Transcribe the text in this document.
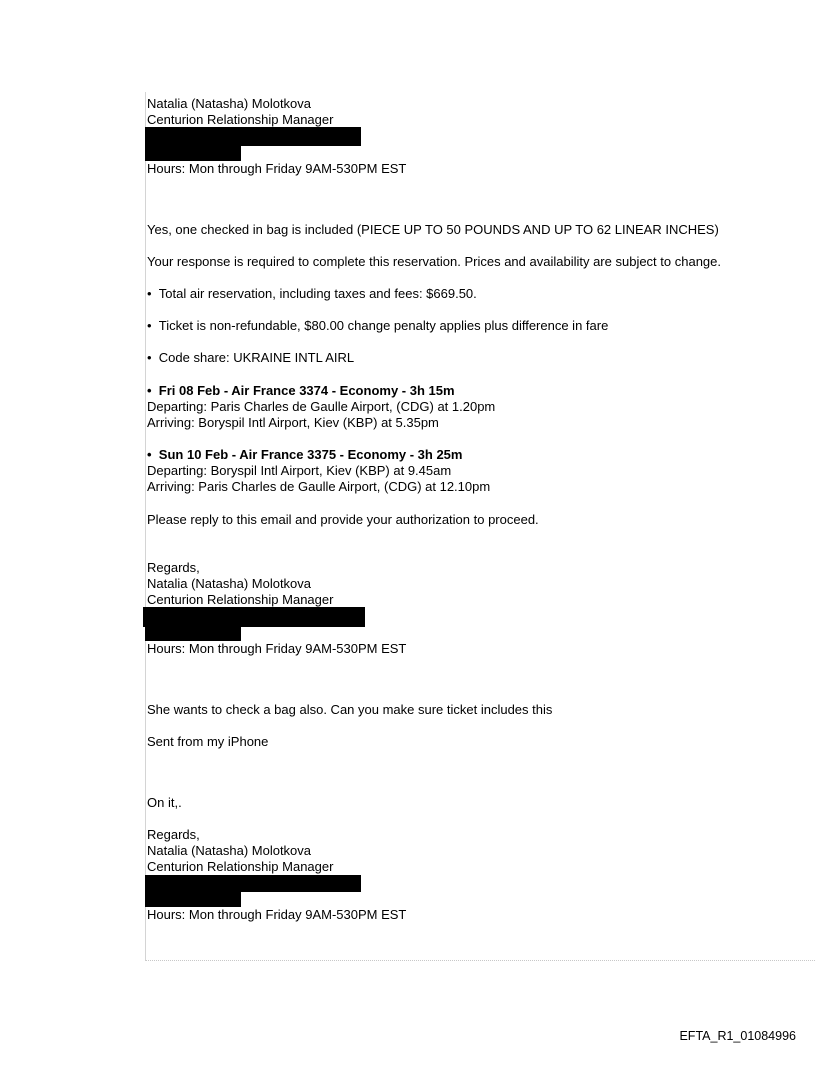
Natalia (Natasha) Molotkova

Centurion Relationship Manager

Hours: Mon through Friday 9AM-530PM EST

Yes, one checked in bag is included (PIECE UP TO 50 POUNDS AND UP TO 62 LINEAR INCHES)

Your response is required to complete this reservation. Prices and availability are subject to change.

• Total air reservation, including taxes and fees: $669.50.

• Ticket is non-refundable, $80.00 change penalty applies plus difference in fare

• Code share: UKRAINE INTL AIRL

• Fri 08 Feb - Air France 3374 - Economy - 3h 15m

Departing: Paris Charles de Gaulle Airport, (CDG) at 1.20pm

Arriving: Boryspil Intl Airport, Kiev (KBP) at 5.35pm

• Sun 10 Feb - Air France 3375 - Economy - 3h 25m

Departing: Boryspil Intl Airport, Kiev (KBP) at 9.45am

Arriving: Paris Charles de Gaulle Airport, (CDG) at 12.10pm

Please reply to this email and provide your authorization to proceed.

Regards,

Natalia (Natasha) Molotkova

Centurion Relationship Manager

Hours: Mon through Friday 9AM-530PM EST

She wants to check a bag also. Can you make sure ticket includes this

Sent from my iPhone

On it,.

Regards,

Natalia (Natasha) Molotkova

Centurion Relationship Manager

Hours: Mon through Friday 9AM-530PM EST

EFTA_R1_01084996
